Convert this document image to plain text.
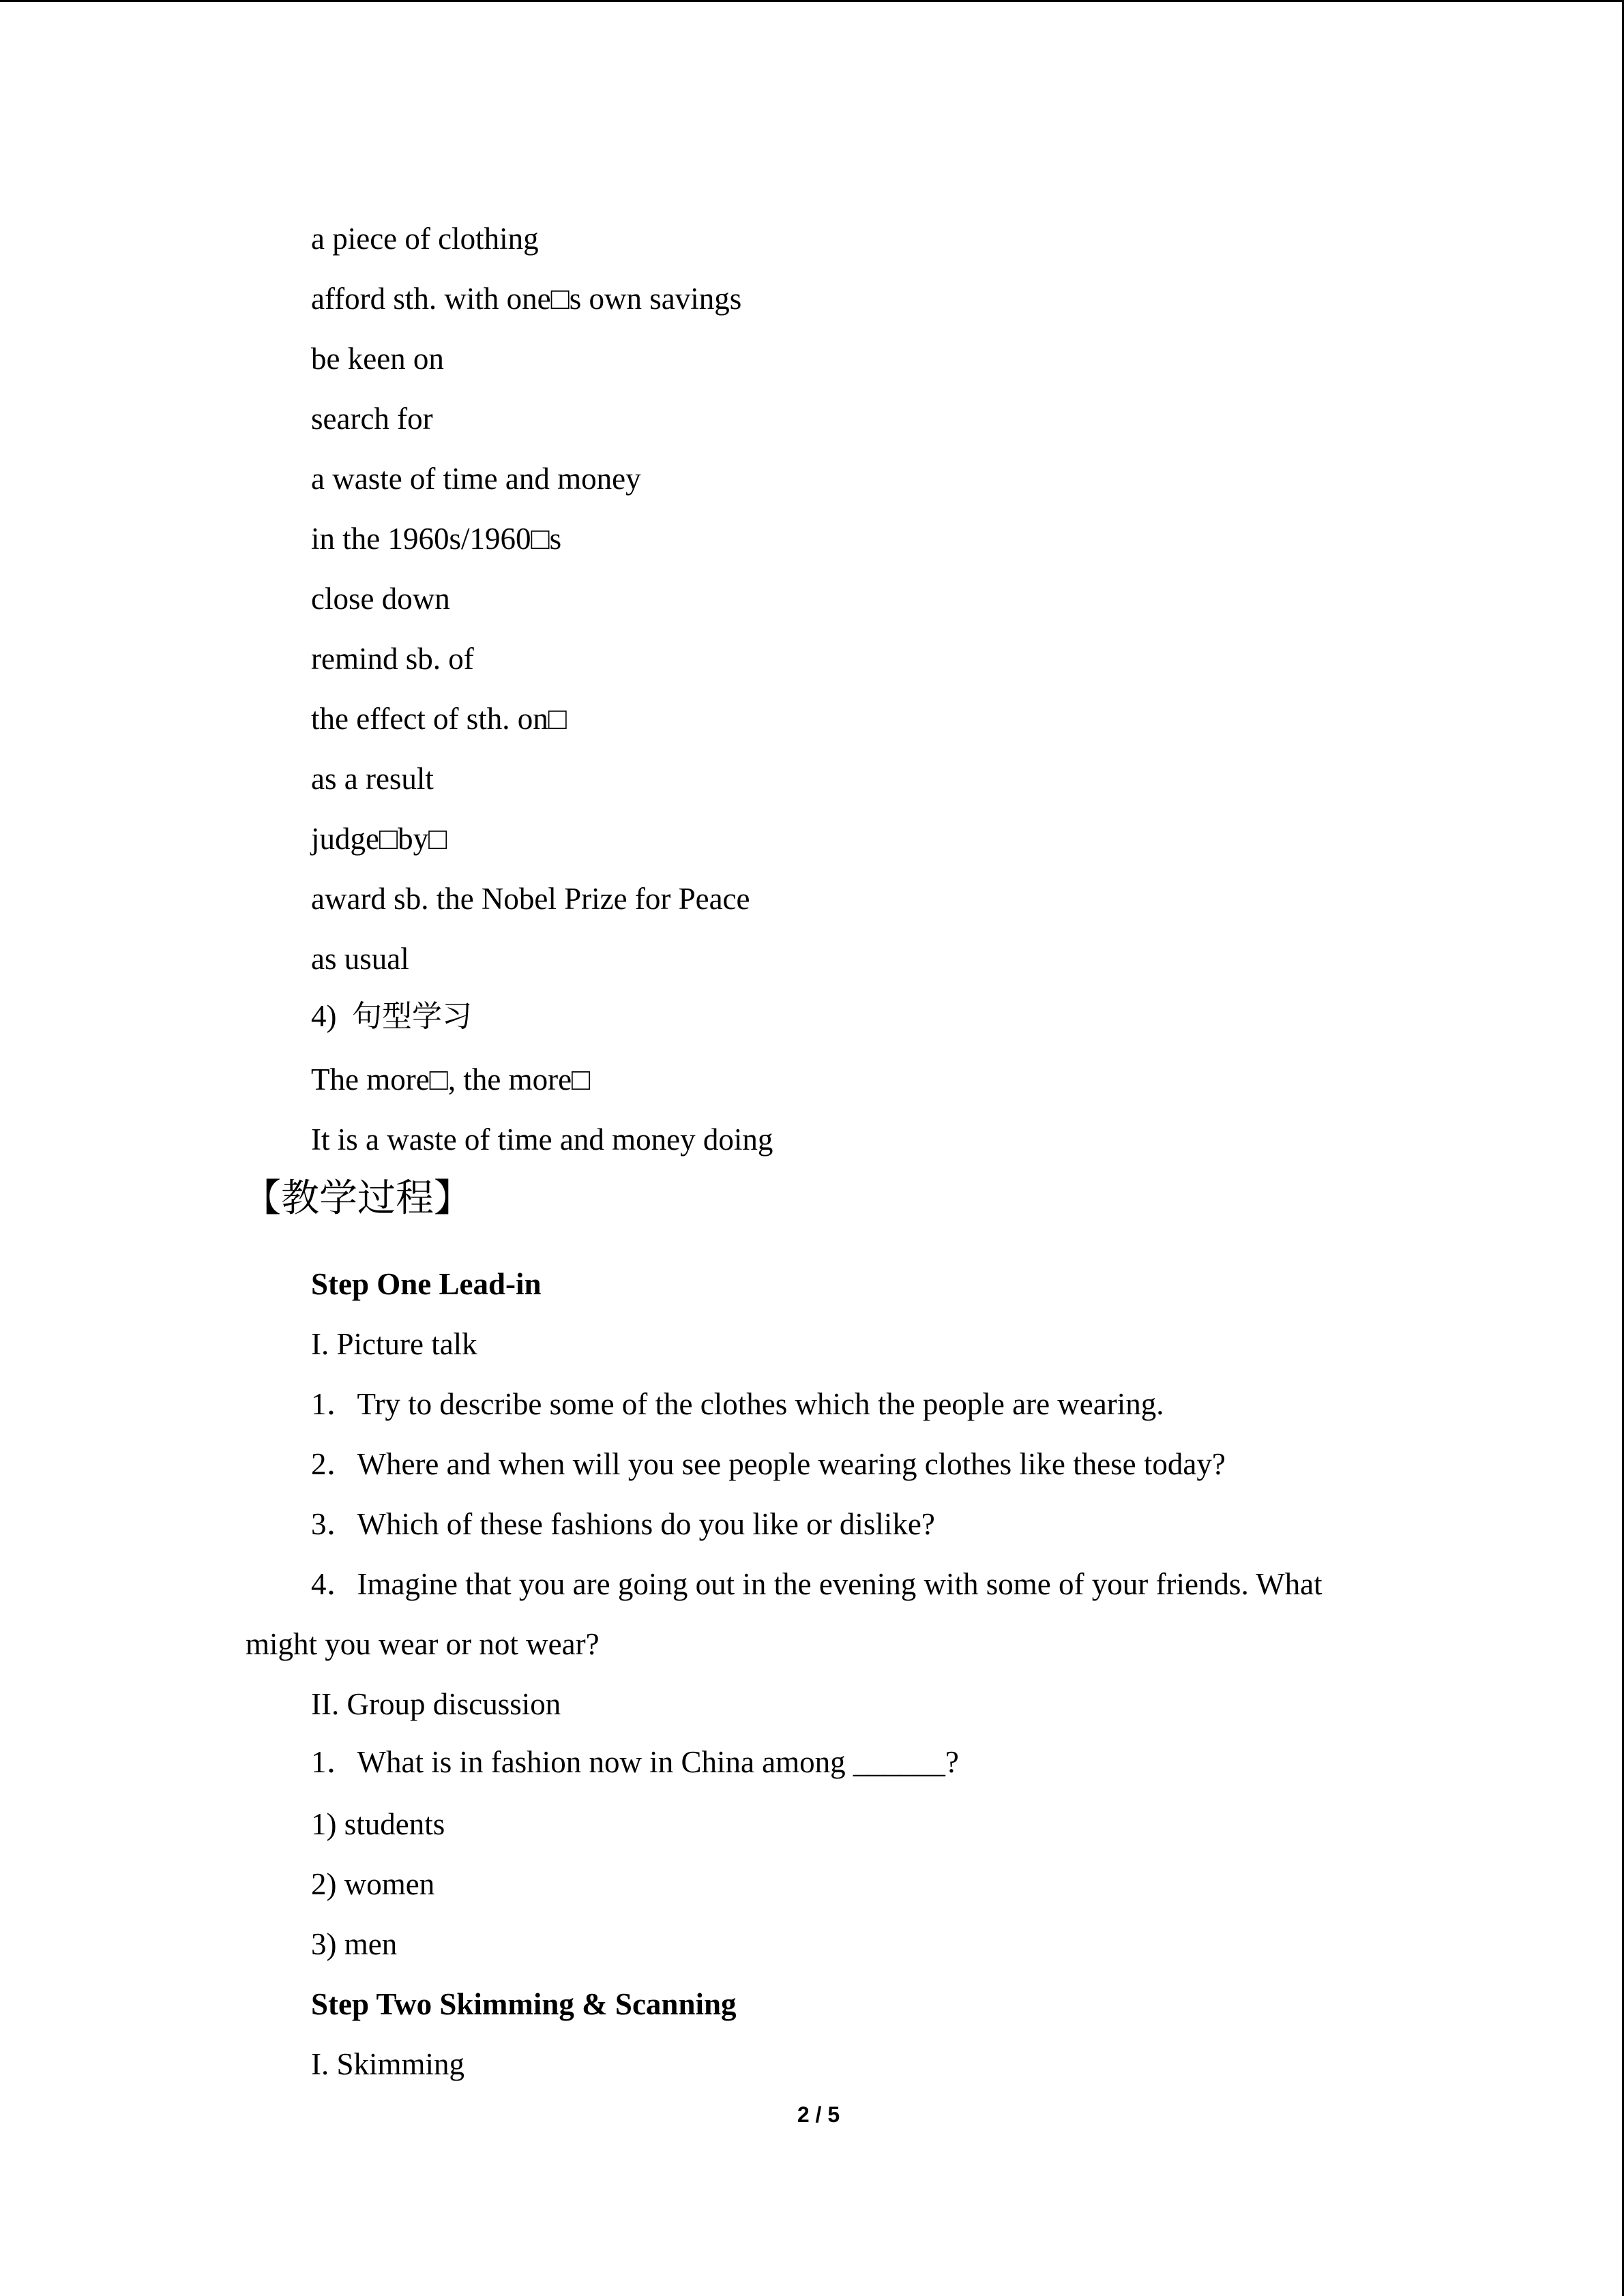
a piece of clothing
afford sth. with one□s own savings
be keen on
search for
a waste of time and money
in the 1960s/1960□s
close down
remind sb. of
the effect of sth. on□
as a result
judge□by□
award sb. the Nobel Prize for Peace
as usual
4) 句型学习
The more□, the more□
It is a waste of time and money doing
【教学过程】
Step One Lead-in
I. Picture talk
1．Try to describe some of the clothes which the people are wearing.
2．Where and when will you see people wearing clothes like these today?
3．Which of these fashions do you like or dislike?
4．Imagine that you are going out in the evening with some of your friends. What
might you wear or not wear?
II. Group discussion
1．What is in fashion now in China among ______?
1) students
2) women
3) men
Step Two Skimming & Scanning
I. Skimming
2 / 5
